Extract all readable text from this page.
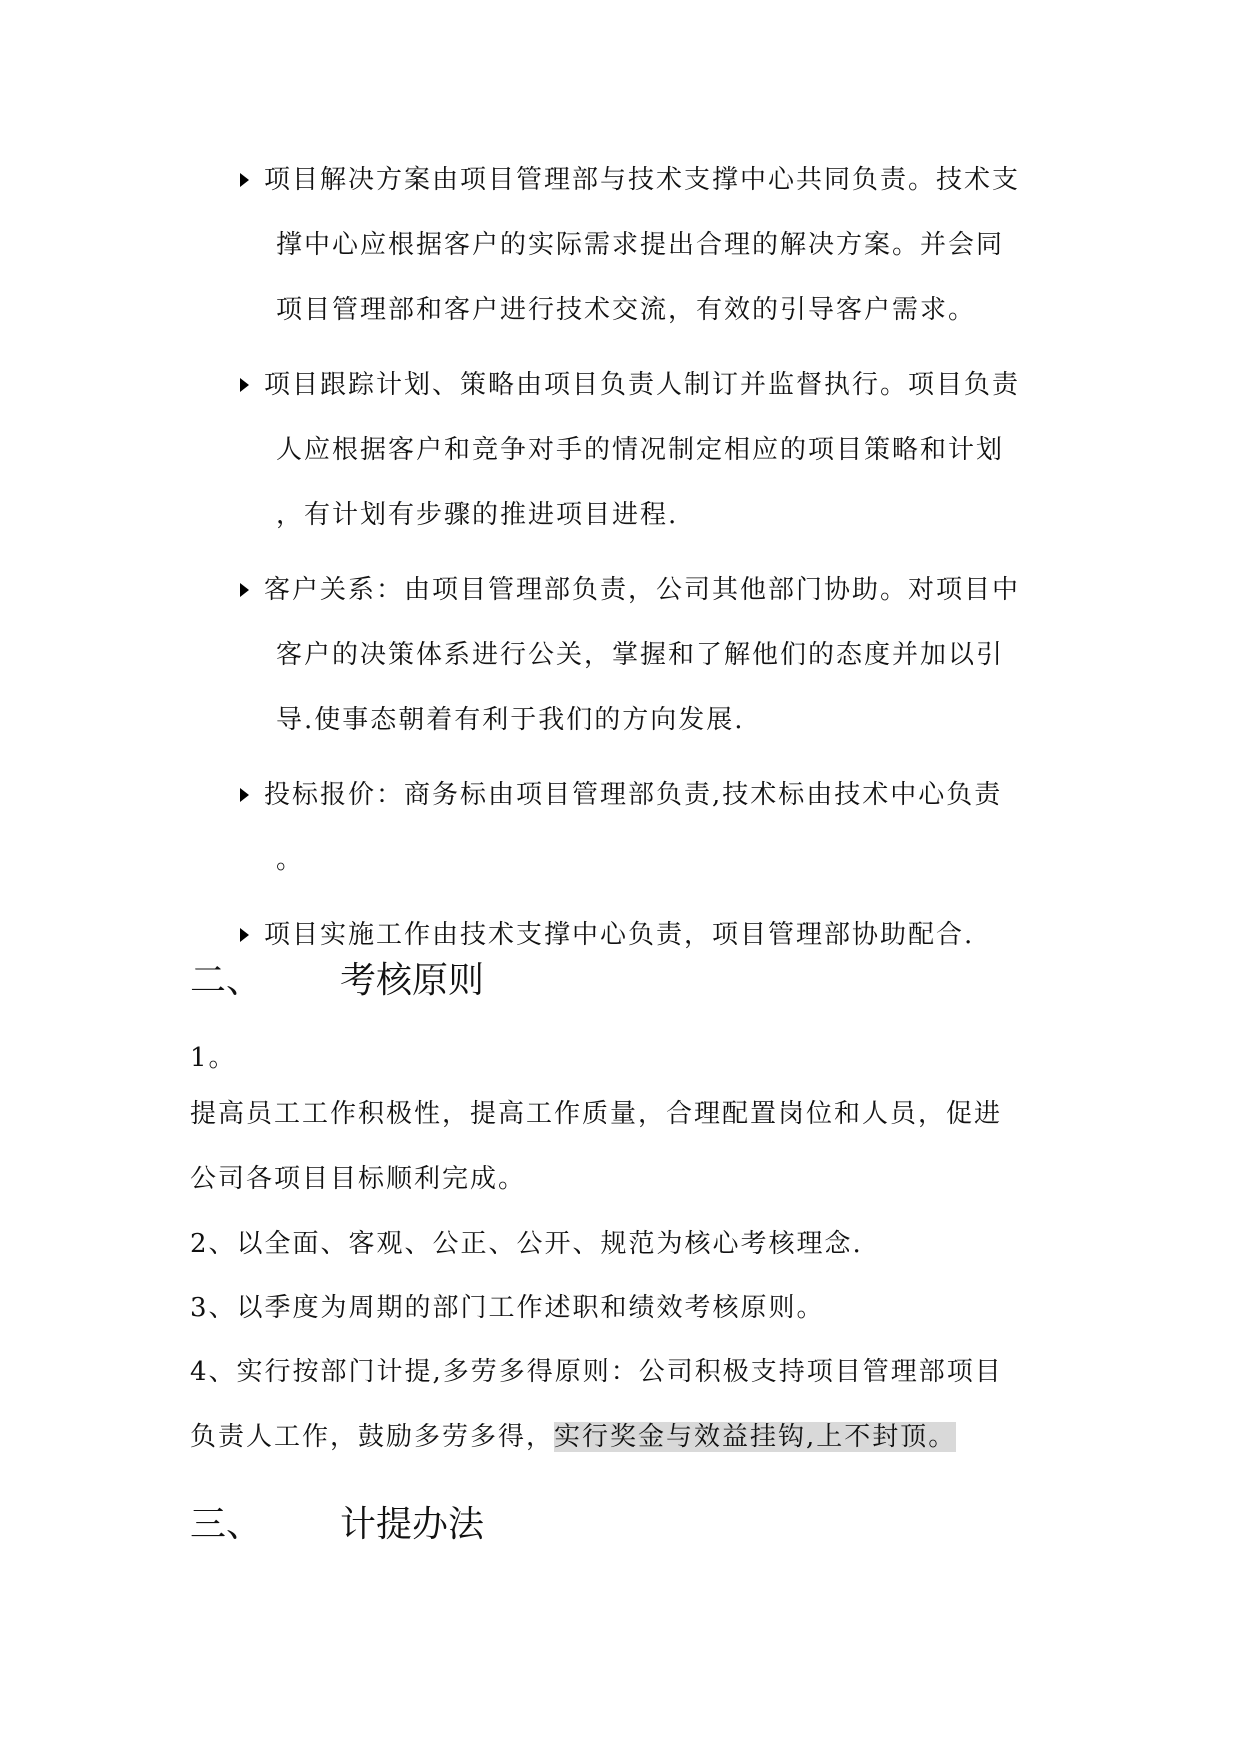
项目解决方案由项目管理部与技术支撑中心共同负责。技术支
撑中心应根据客户的实际需求提出合理的解决方案。并会同
项目管理部和客户进行技术交流，有效的引导客户需求。
项目跟踪计划、策略由项目负责人制订并监督执行。项目负责
人应根据客户和竞争对手的情况制定相应的项目策略和计划
，有计划有步骤的推进项目进程.
客户关系：由项目管理部负责，公司其他部门协助。对项目中
客户的决策体系进行公关，掌握和了解他们的态度并加以引
导.使事态朝着有利于我们的方向发展.
投标报价：商务标由项目管理部负责,技术标由技术中心负责
。
项目实施工作由技术支撑中心负责，项目管理部协助配合.
二、 考核原则

1。

提高员工工作积极性，提高工作质量，合理配置岗位和人员，促进
公司各项目目标顺利完成。

2、以全面、客观、公正、公开、规范为核心考核理念.

3、以季度为周期的部门工作述职和绩效考核原则。

4、实行按部门计提,多劳多得原则：公司积极支持项目管理部项目
负责人工作，鼓励多劳多得，实行奖金与效益挂钩,上不封顶。

三、 计提办法
